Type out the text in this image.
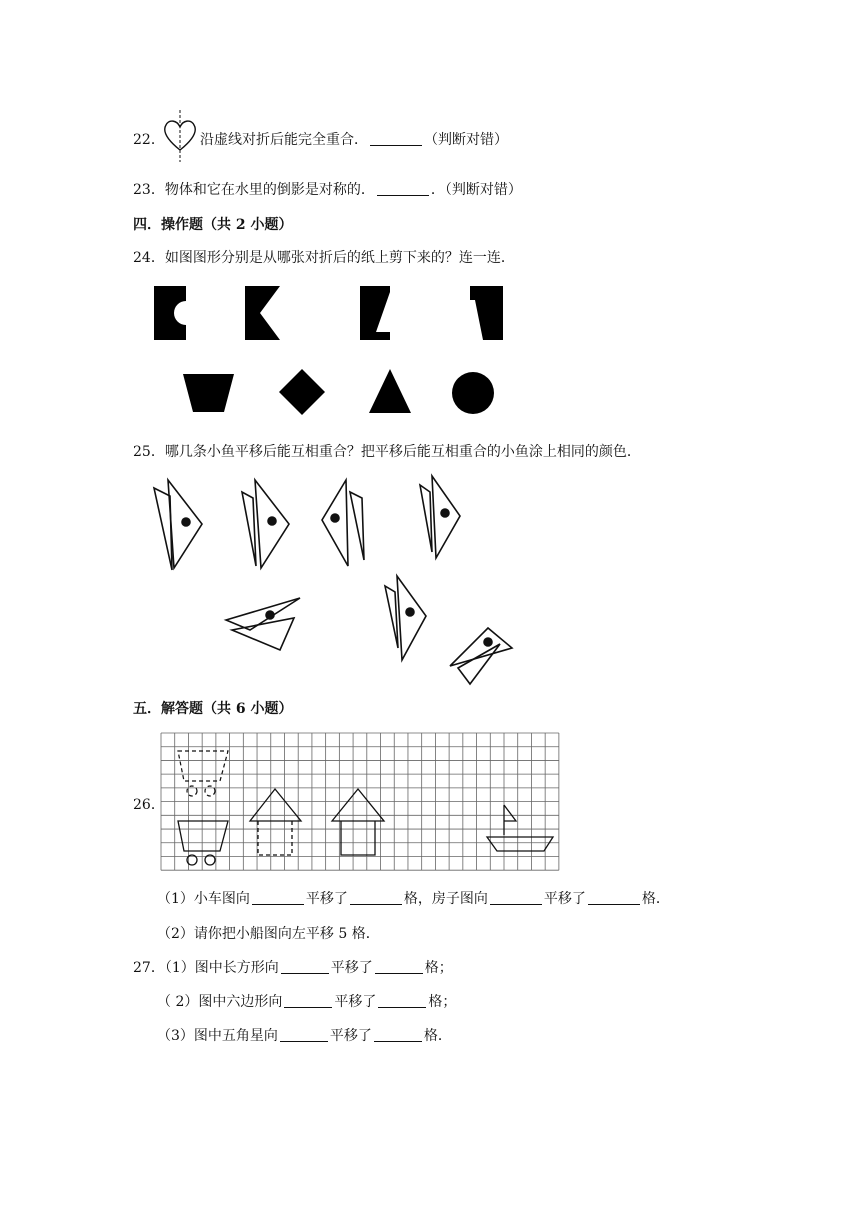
22．	沿虚线对折后能完全重合．	（判断对错）
23．物体和它在水里的倒影是对称的．	．（判断对错）
四．操作题（共 2 小题）
24．如图图形分别是从哪张对折后的纸上剪下来的？连一连．
25．哪几条小鱼平移后能互相重合？把平移后能互相重合的小鱼涂上相同的颜色．
五．解答题（共 6 小题）
26．
（1）小车图向	平移了	格，房子图向	平移了	格．
（2）请你把小船图向左平移 5 格．
27．（1）图中长方形向	平移了	格；
（ 2）图中六边形向	平移了	格；
（3）图中五角星向	平移了	格．
